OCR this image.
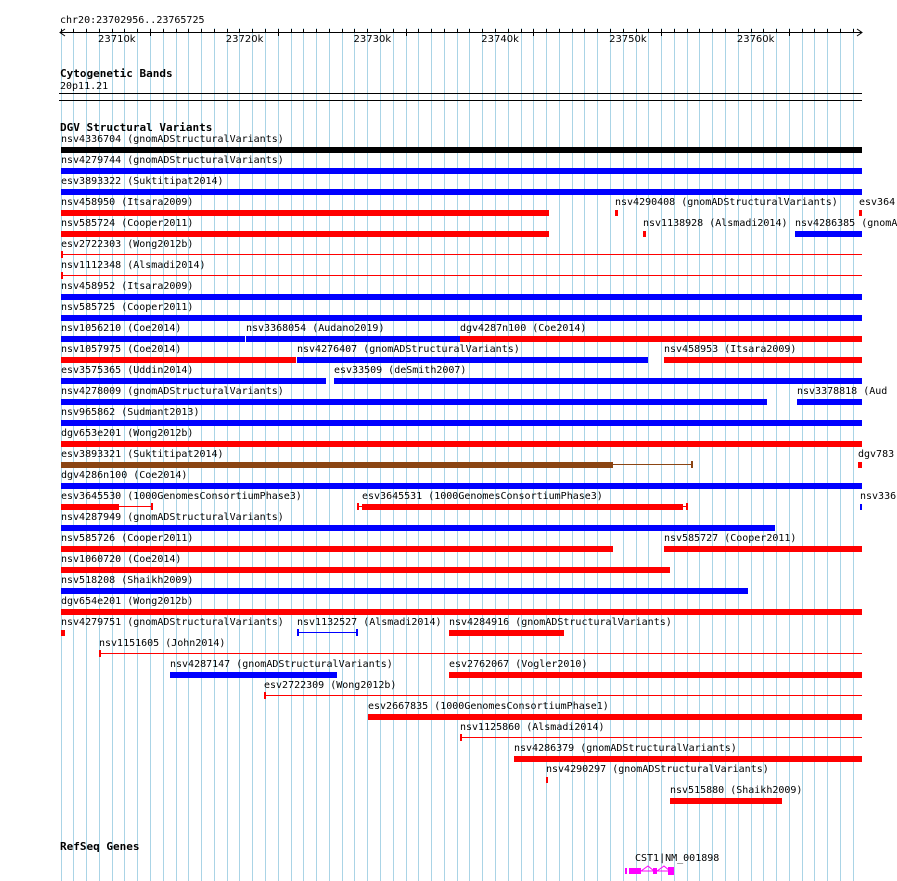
chr20:23702956..23765725
23710k	23720k	23730k	23740k	23750k	23760k
Cytogenetic Bands
20p11.21
DGV Structural Variants
nsv4336704 (gnomADStructuralVariants)
nsv4279744 (gnomADStructuralVariants)
esv3893322 (Suktitipat2014)
nsv458950 (Itsara2009)	nsv4290408 (gnomADStructuralVariants) esv364
nsv585724 (Cooper2011)	nsv1138928 (Alsmadi2014) nsv4286385 (gnomA
esv2722303 (Wong2012b)
nsv1112348 (Alsmadi2014)
nsv458952 (Itsara2009)
nsv585725 (Cooper2011)
nsv1056210 (Coe2014)	nsv3368054 (Audano2019)	dgv4287n100 (Coe2014)
nsv1057975 (Coe2014)	nsv4276407 (gnomADStructuralVariants)	nsv458953 (Itsara2009)
esv3575365 (Uddin2014)	esv33509 (deSmith2007)
nsv4278009 (gnomADStructuralVariants)	nsv3378818 (Aud
nsv965862 (Sudmant2013)
dgv653e201 (Wong2012b)
esv3893321 (Suktitipat2014)	dgv783
dgv4286n100 (Coe2014)
esv3645530 (1000GenomesConsortiumPhase3)	esv3645531 (1000GenomesConsortiumPhase3)	nsv336
nsv4287949 (gnomADStructuralVariants)
nsv585726 (Cooper2011)	nsv585727 (Cooper2011)
nsv1060720 (Coe2014)
nsv518208 (Shaikh2009)
dgv654e201 (Wong2012b)
nsv4279751 (gnomADStructuralVariants) nsv1132527 (Alsmadi2014) nsv4284916 (gnomADStructuralVariants)
nsv1151605 (John2014)
nsv4287147 (gnomADStructuralVariants)	esv2762067 (Vogler2010)
esv2722309 (Wong2012b)
esv2667835 (1000GenomesConsortiumPhase1)
nsv1125860 (Alsmadi2014)
nsv4286379 (gnomADStructuralVariants)
nsv4290297 (gnomADStructuralVariants)
nsv515880 (Shaikh2009)
RefSeq Genes
CST1|NM_001898
